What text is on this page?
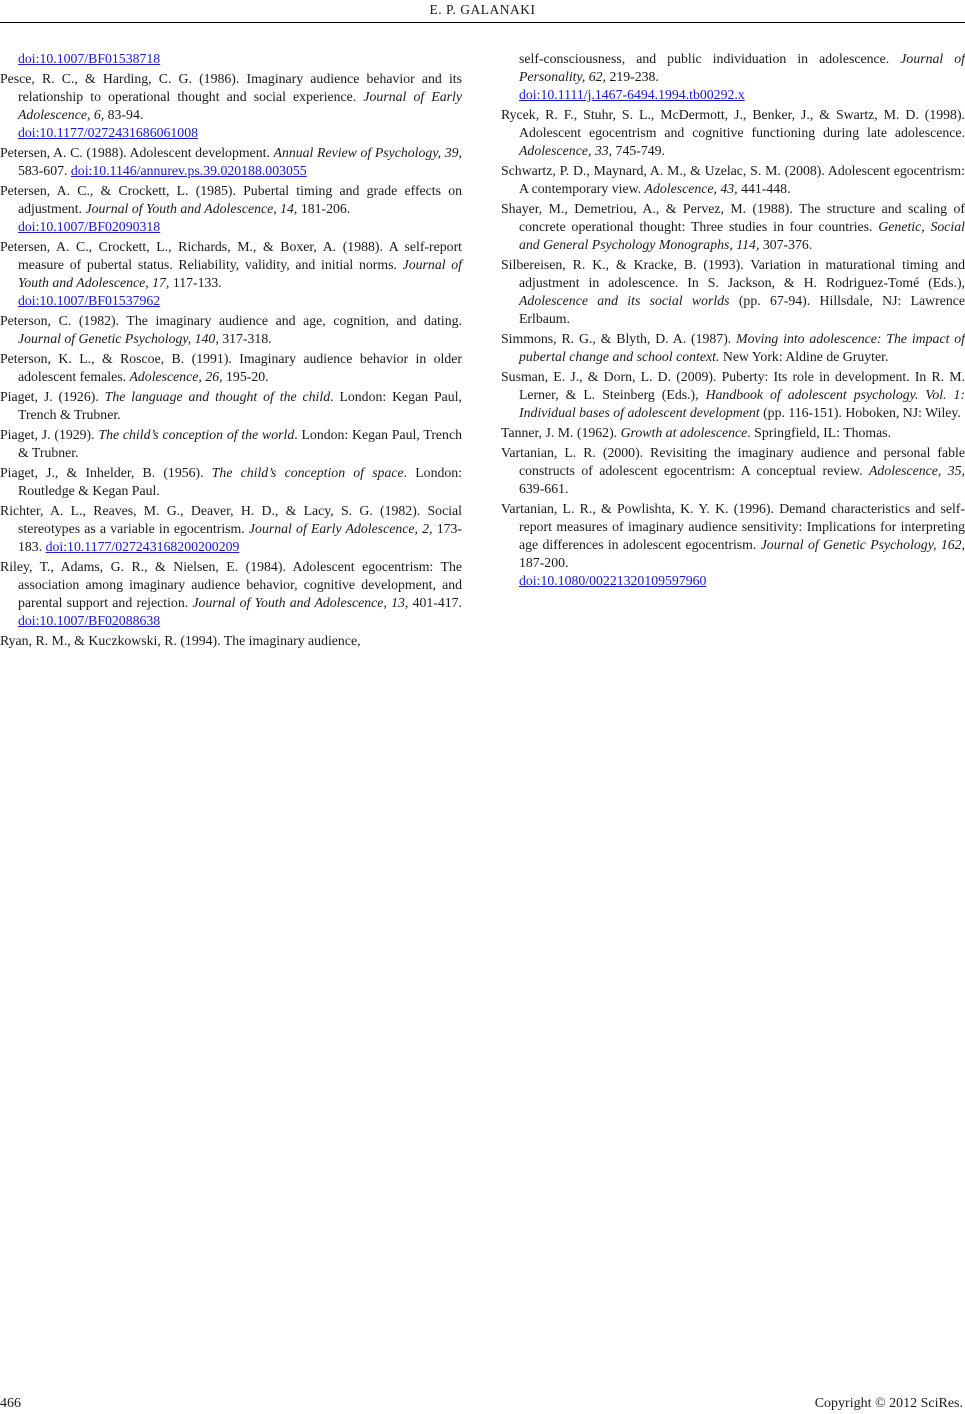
E. P. GALANAKI

doi:10.1007/BF01538718

Pesce, R. C., & Harding, C. G. (1986). Imaginary audience behavior and its relationship to operational thought and social experience. Journal of Early Adolescence, 6, 83-94.
doi:10.1177/0272431686061008

Petersen, A. C. (1988). Adolescent development. Annual Review of Psychology, 39, 583-607. doi:10.1146/annurev.ps.39.020188.003055

Petersen, A. C., & Crockett, L. (1985). Pubertal timing and grade effects on adjustment. Journal of Youth and Adolescence, 14, 181-206.
doi:10.1007/BF02090318

Petersen, A. C., Crockett, L., Richards, M., & Boxer, A. (1988). A self-report measure of pubertal status. Reliability, validity, and initial norms. Journal of Youth and Adolescence, 17, 117-133.
doi:10.1007/BF01537962

Peterson, C. (1982). The imaginary audience and age, cognition, and dating. Journal of Genetic Psychology, 140, 317-318.

Peterson, K. L., & Roscoe, B. (1991). Imaginary audience behavior in older adolescent females. Adolescence, 26, 195-20.

Piaget, J. (1926). The language and thought of the child. London: Kegan Paul, Trench & Trubner.

Piaget, J. (1929). The child’s conception of the world. London: Kegan Paul, Trench & Trubner.

Piaget, J., & Inhelder, B. (1956). The child’s conception of space. London: Routledge & Kegan Paul.

Richter, A. L., Reaves, M. G., Deaver, H. D., & Lacy, S. G. (1982). Social stereotypes as a variable in egocentrism. Journal of Early Adolescence, 2, 173-183. doi:10.1177/027243168200200209

Riley, T., Adams, G. R., & Nielsen, E. (1984). Adolescent egocentrism: The association among imaginary audience behavior, cognitive development, and parental support and rejection. Journal of Youth and Adolescence, 13, 401-417. doi:10.1007/BF02088638

Ryan, R. M., & Kuczkowski, R. (1994). The imaginary audience,

self-consciousness, and public individuation in adolescence. Journal of Personality, 62, 219-238.
doi:10.1111/j.1467-6494.1994.tb00292.x

Rycek, R. F., Stuhr, S. L., McDermott, J., Benker, J., & Swartz, M. D. (1998). Adolescent egocentrism and cognitive functioning during late adolescence. Adolescence, 33, 745-749.

Schwartz, P. D., Maynard, A. M., & Uzelac, S. M. (2008). Adolescent egocentrism: A contemporary view. Adolescence, 43, 441-448.

Shayer, M., Demetriou, A., & Pervez, M. (1988). The structure and scaling of concrete operational thought: Three studies in four countries. Genetic, Social and General Psychology Monographs, 114, 307-376.

Silbereisen, R. K., & Kracke, B. (1993). Variation in maturational timing and adjustment in adolescence. In S. Jackson, & H. Rodriguez-Tomé (Eds.), Adolescence and its social worlds (pp. 67-94). Hillsdale, NJ: Lawrence Erlbaum.

Simmons, R. G., & Blyth, D. A. (1987). Moving into adolescence: The impact of pubertal change and school context. New York: Aldine de Gruyter.

Susman, E. J., & Dorn, L. D. (2009). Puberty: Its role in development. In R. M. Lerner, & L. Steinberg (Eds.), Handbook of adolescent psychology. Vol. 1: Individual bases of adolescent development (pp. 116-151). Hoboken, NJ: Wiley.

Tanner, J. M. (1962). Growth at adolescence. Springfield, IL: Thomas.

Vartanian, L. R. (2000). Revisiting the imaginary audience and personal fable constructs of adolescent egocentrism: A conceptual review. Adolescence, 35, 639-661.

Vartanian, L. R., & Powlishta, K. Y. K. (1996). Demand characteristics and self-report measures of imaginary audience sensitivity: Implications for interpreting age differences in adolescent egocentrism. Journal of Genetic Psychology, 162, 187-200.
doi:10.1080/00221320109597960

466	Copyright © 2012 SciRes.
